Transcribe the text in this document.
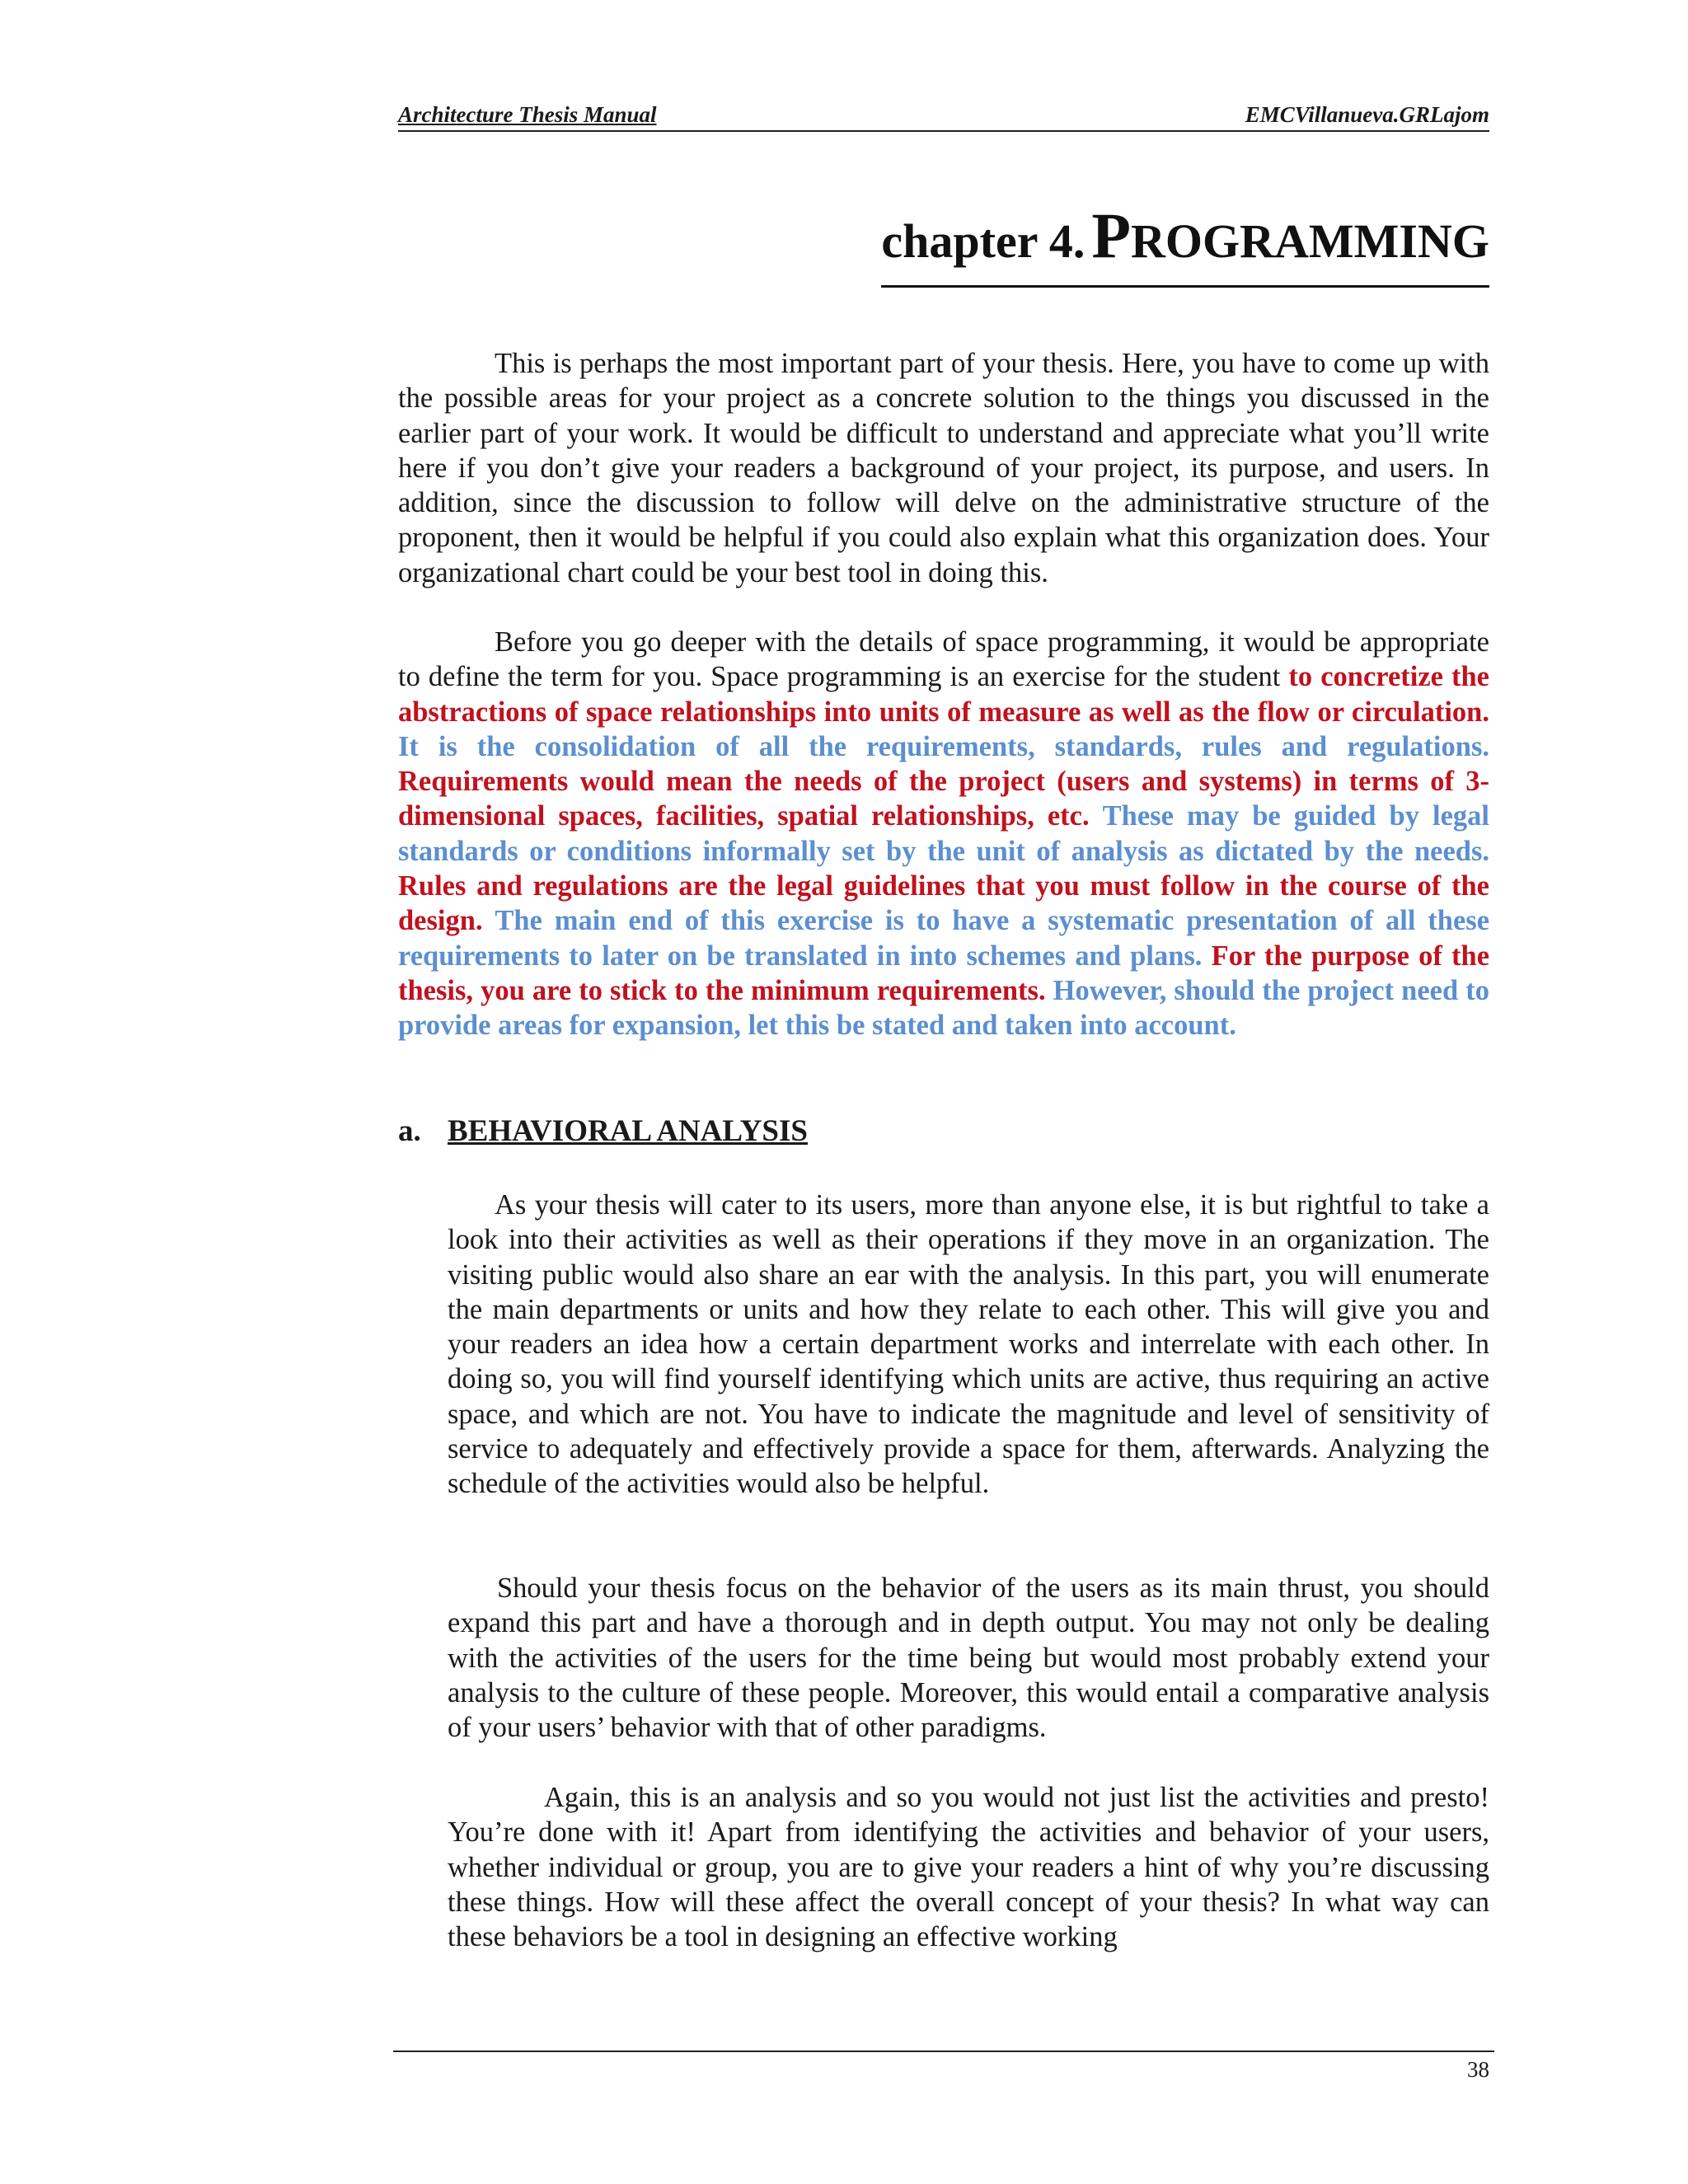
Architecture Thesis Manual	EMCVillanueva.GRLajom
chapter 4. PROGRAMMING

This is perhaps the most important part of your thesis. Here, you have to come up with the possible areas for your project as a concrete solution to the things you discussed in the earlier part of your work. It would be difficult to understand and appreciate what you’ll write here if you don’t give your readers a background of your project, its purpose, and users. In addition, since the discussion to follow will delve on the administrative structure of the proponent, then it would be helpful if you could also explain what this organization does. Your organizational chart could be your best tool in doing this.

Before you go deeper with the details of space programming, it would be appropriate to define the term for you. Space programming is an exercise for the student to concretize the abstractions of space relationships into units of measure as well as the flow or circulation. It is the consolidation of all the requirements, standards, rules and regulations. Requirements would mean the needs of the project (users and systems) in terms of 3-dimensional spaces, facilities, spatial relationships, etc. These may be guided by legal standards or conditions informally set by the unit of analysis as dictated by the needs. Rules and regulations are the legal guidelines that you must follow in the course of the design. The main end of this exercise is to have a systematic presentation of all these requirements to later on be translated in into schemes and plans. For the purpose of the thesis, you are to stick to the minimum requirements. However, should the project need to provide areas for expansion, let this be stated and taken into account.

a. BEHAVIORAL ANALYSIS

As your thesis will cater to its users, more than anyone else, it is but rightful to take a look into their activities as well as their operations if they move in an organization. The visiting public would also share an ear with the analysis. In this part, you will enumerate the main departments or units and how they relate to each other. This will give you and your readers an idea how a certain department works and interrelate with each other. In doing so, you will find yourself identifying which units are active, thus requiring an active space, and which are not. You have to indicate the magnitude and level of sensitivity of service to adequately and effectively provide a space for them, afterwards. Analyzing the schedule of the activities would also be helpful.

Should your thesis focus on the behavior of the users as its main thrust, you should expand this part and have a thorough and in depth output. You may not only be dealing with the activities of the users for the time being but would most probably extend your analysis to the culture of these people. Moreover, this would entail a comparative analysis of your users’ behavior with that of other paradigms.

Again, this is an analysis and so you would not just list the activities and presto! You’re done with it! Apart from identifying the activities and behavior of your users, whether individual or group, you are to give your readers a hint of why you’re discussing these things. How will these affect the overall concept of your thesis? In what way can these behaviors be a tool in designing an effective working

38
